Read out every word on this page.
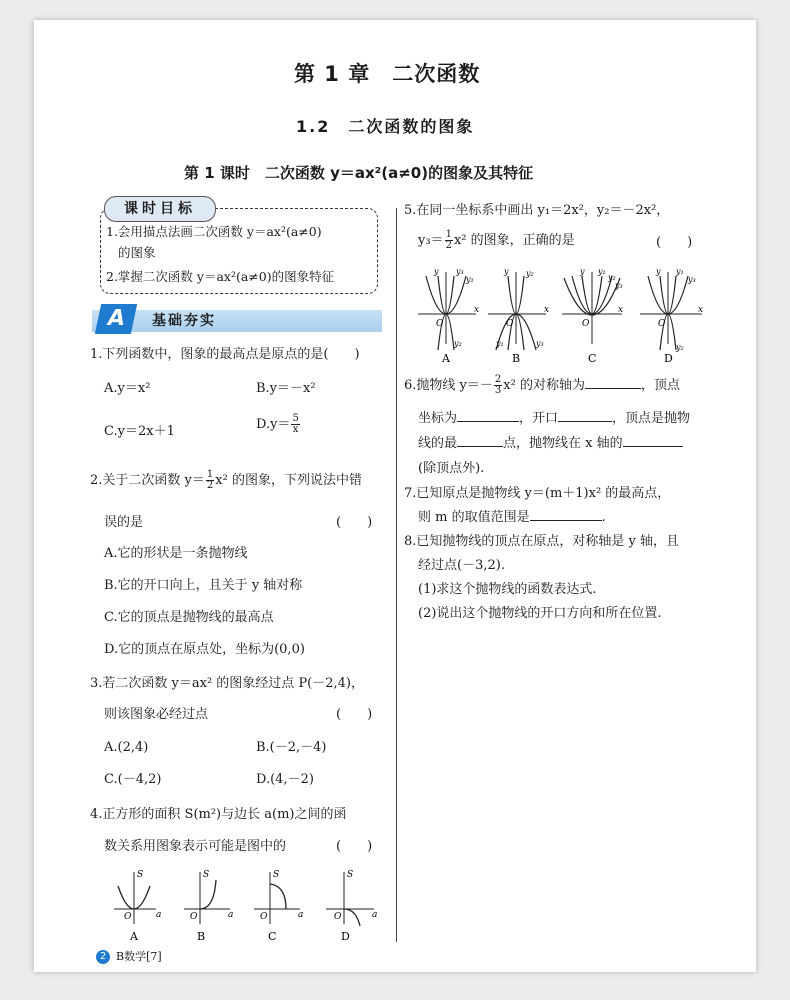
第 1 章　二次函数
1.2　二次函数的图象
第 1 课时　二次函数 y＝ax²(a≠0)的图象及其特征
课时目标
1.会用描点法画二次函数 y＝ax²(a≠0)
的图象
2.掌握二次函数 y＝ax²(a≠0)的图象特征
A	基础夯实
1.下列函数中，图象的最高点是原点的是(　　)
A.y＝x²	B.y＝－x²
C.y＝2x＋1	$D.y= \frac{5}{x}$
2.关于二次函数 $y= \frac{1}{2} x^2$ 的图象，下列说法中错
误的是	(　　)
A.它的形状是一条抛物线
B.它的开口向上，且关于 y 轴对称
C.它的顶点是抛物线的最高点
D.它的顶点在原点处，坐标为(0,0)
3.若二次函数 y＝ax² 的图象经过点 P(－2,4)，
则该图象必经过点	(　　)
A.(2,4)	B.(－2,－4)
C.(－4,2)	D.(4,－2)
4.正方形的面积 S(m²)与边长 a(m)之间的函
数关系用图象表示可能是图中的	(　　)
S
a
O
A
S
a
O
B
S
a
O
C
S
a
O
D
2 B数学[7]
5.在同一坐标系中画出 y₁＝2x²，y₂＝－2x²，
$y_3= \frac{1}{2} x^2$ 的图象，正确的是	(　　)
y y₃
y₁
x
O
y₂
A
y y₂
x
O
y₁	y₃
B
y y₁
y₂
y₃
x
O
C
y y₁
y₃
x
O
y₂
D
6.抛物线 $y=- \frac{2}{3} x^2$ 的对称轴为	，顶点
坐标为	，开口	，顶点是抛物
线的最	点，抛物线在 x 轴的
(除顶点外).
7.已知原点是抛物线 y＝(m＋1)x² 的最高点，
则 m 的取值范围是	.
8.已知抛物线的顶点在原点，对称轴是 y 轴，且
经过点(－3,2).
(1)求这个抛物线的函数表达式.
(2)说出这个抛物线的开口方向和所在位置.
